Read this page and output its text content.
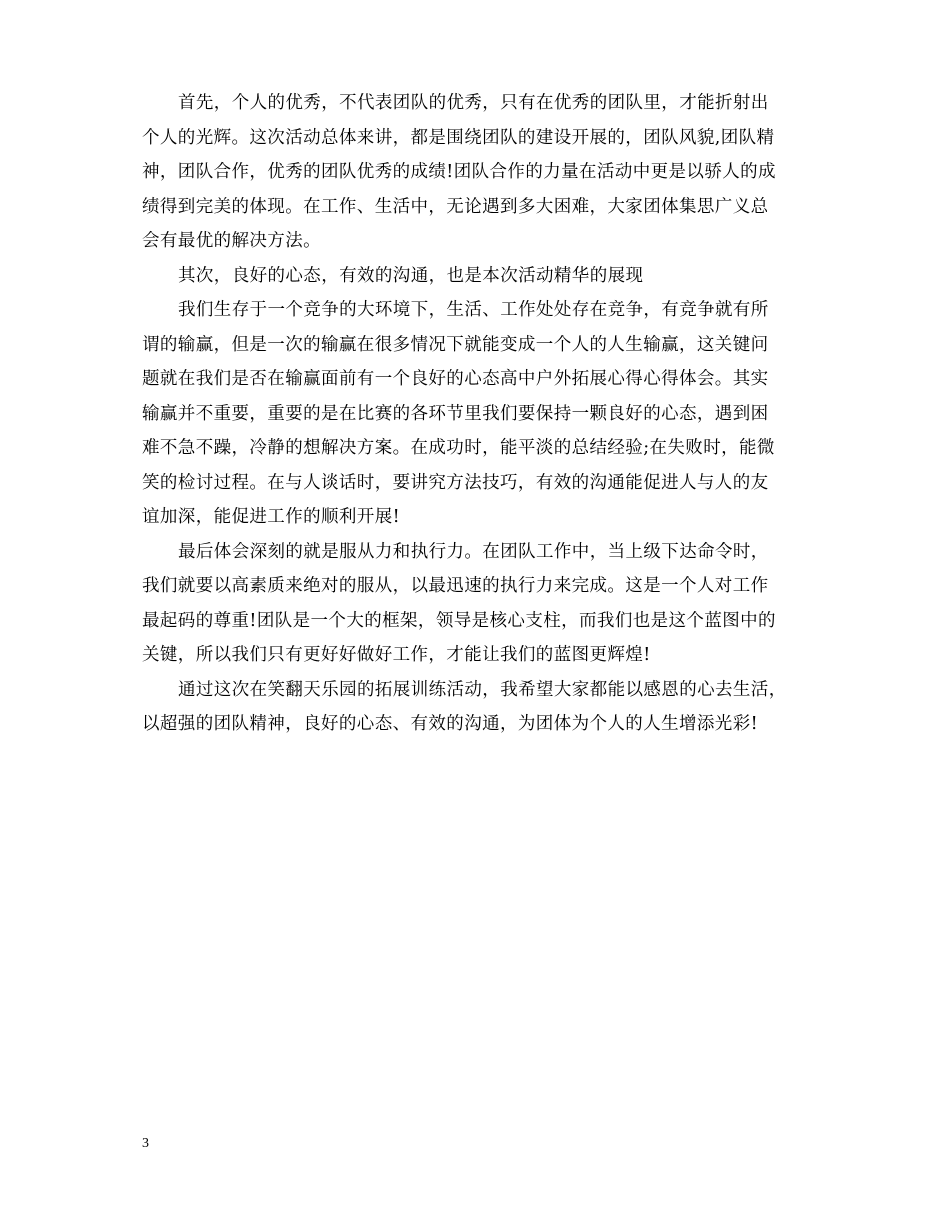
首先，个人的优秀，不代表团队的优秀，只有在优秀的团队里，才能折射出
个人的光辉。这次活动总体来讲，都是围绕团队的建设开展的，团队风貌,团队精
神，团队合作，优秀的团队优秀的成绩!团队合作的力量在活动中更是以骄人的成
绩得到完美的体现。在工作、生活中，无论遇到多大困难，大家团体集思广义总
会有最优的解决方法。
其次，良好的心态，有效的沟通，也是本次活动精华的展现
我们生存于一个竞争的大环境下，生活、工作处处存在竞争，有竞争就有所
谓的输赢，但是一次的输赢在很多情况下就能变成一个人的人生输赢，这关键问
题就在我们是否在输赢面前有一个良好的心态高中户外拓展心得心得体会。其实
输赢并不重要，重要的是在比赛的各环节里我们要保持一颗良好的心态，遇到困
难不急不躁，冷静的想解决方案。在成功时，能平淡的总结经验;在失败时，能微
笑的检讨过程。在与人谈话时，要讲究方法技巧，有效的沟通能促进人与人的友
谊加深，能促进工作的顺利开展!
最后体会深刻的就是服从力和执行力。在团队工作中，当上级下达命令时，
我们就要以高素质来绝对的服从，以最迅速的执行力来完成。这是一个人对工作
最起码的尊重!团队是一个大的框架，领导是核心支柱，而我们也是这个蓝图中的
关键，所以我们只有更好好做好工作，才能让我们的蓝图更辉煌!
通过这次在笑翻天乐园的拓展训练活动，我希望大家都能以感恩的心去生活，
以超强的团队精神，良好的心态、有效的沟通，为团体为个人的人生增添光彩!
3
